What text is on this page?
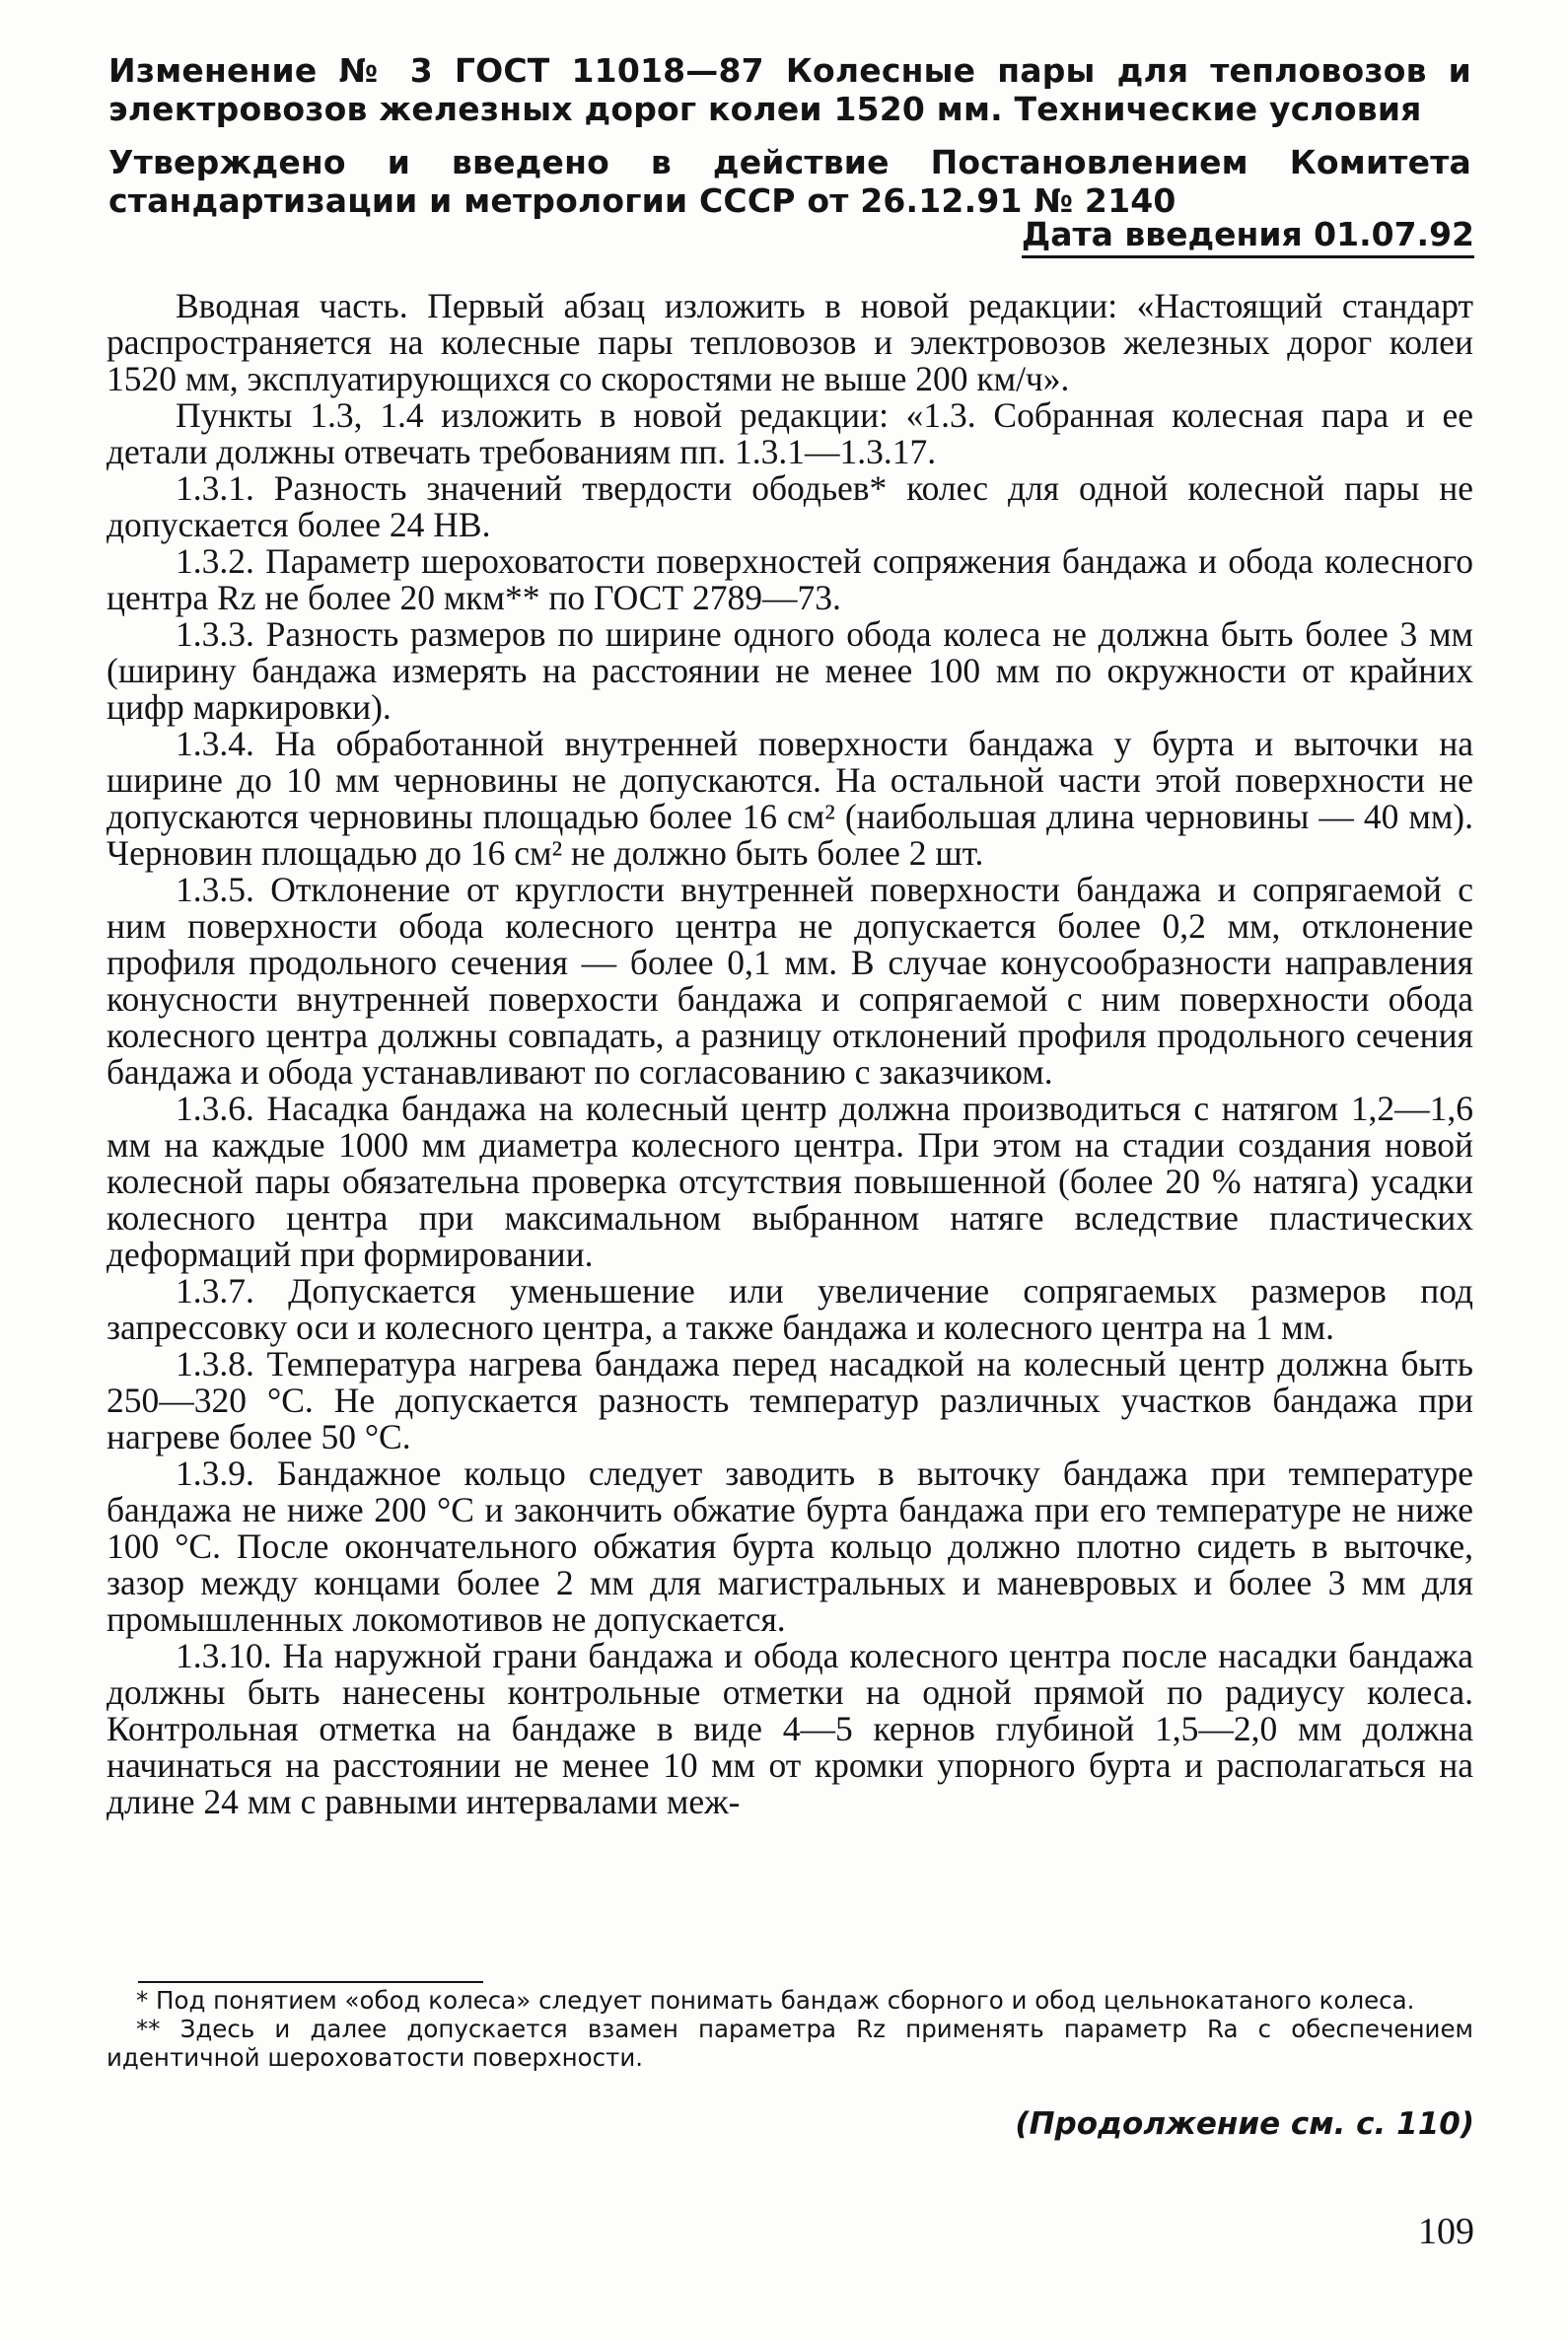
Изменение № 3 ГОСТ 11018—87 Колесные пары для тепловозов и электровозов железных дорог колеи 1520 мм. Технические условия
Утверждено и введено в действие Постановлением Комитета стандартизации и метрологии СССР от 26.12.91 № 2140
Дата введения 01.07.92

Вводная часть. Первый абзац изложить в новой редакции: «Настоящий стандарт распространяется на колесные пары тепловозов и электровозов железных дорог колеи 1520 мм, эксплуатирующихся со скоростями не выше 200 км/ч».

Пункты 1.3, 1.4 изложить в новой редакции: «1.3. Собранная колесная пара и ее детали должны отвечать требованиям пп. 1.3.1—1.3.17.

1.3.1. Разность значений твердости ободьев* колес для одной колесной пары не допускается более 24 НВ.

1.3.2. Параметр шероховатости поверхностей сопряжения бандажа и обода колесного центра Rz не более 20 мкм** по ГОСТ 2789—73.

1.3.3. Разность размеров по ширине одного обода колеса не должна быть более 3 мм (ширину бандажа измерять на расстоянии не менее 100 мм по окружности от крайних цифр маркировки).

1.3.4. На обработанной внутренней поверхности бандажа у бурта и выточки на ширине до 10 мм черновины не допускаются. На остальной части этой поверхности не допускаются черновины площадью более 16 см² (наибольшая длина черновины — 40 мм). Черновин площадью до 16 см² не должно быть более 2 шт.

1.3.5. Отклонение от круглости внутренней поверхности бандажа и сопрягаемой с ним поверхности обода колесного центра не допускается более 0,2 мм, отклонение профиля продольного сечения — более 0,1 мм. В случае конусообразности направления конусности внутренней поверхости бандажа и сопрягаемой с ним поверхности обода колесного центра должны совпадать, а разницу отклонений профиля продольного сечения бандажа и обода устанавливают по согласованию с заказчиком.

1.3.6. Насадка бандажа на колесный центр должна производиться с натягом 1,2—1,6 мм на каждые 1000 мм диаметра колесного центра. При этом на стадии создания новой колесной пары обязательна проверка отсутствия повышенной (более 20 % натяга) усадки колесного центра при максимальном выбранном натяге вследствие пластических деформаций при формировании.

1.3.7. Допускается уменьшение или увеличение сопрягаемых размеров под запрессовку оси и колесного центра, а также бандажа и колесного центра на 1 мм.

1.3.8. Температура нагрева бандажа перед насадкой на колесный центр должна быть 250—320 °С. Не допускается разность температур различных участков бандажа при нагреве более 50 °С.

1.3.9. Бандажное кольцо следует заводить в выточку бандажа при температуре бандажа не ниже 200 °С и закончить обжатие бурта бандажа при его температуре не ниже 100 °С. После окончательного обжатия бурта кольцо должно плотно сидеть в выточке, зазор между концами более 2 мм для магистральных и маневровых и более 3 мм для промышленных локомотивов не допускается.

1.3.10. На наружной грани бандажа и обода колесного центра после насадки бандажа должны быть нанесены контрольные отметки на одной прямой по радиусу колеса. Контрольная отметка на бандаже в виде 4—5 кернов глубиной 1,5—2,0 мм должна начинаться на расстоянии не менее 10 мм от кромки упорного бурта и располагаться на длине 24 мм с равными интервалами меж-

* Под понятием «обод колеса» следует понимать бандаж сборного и обод цельнокатаного колеса.

** Здесь и далее допускается взамен параметра Rz применять параметр Ra с обеспечением идентичной шероховатости поверхности.

(Продолжение см. с. 110)
109
